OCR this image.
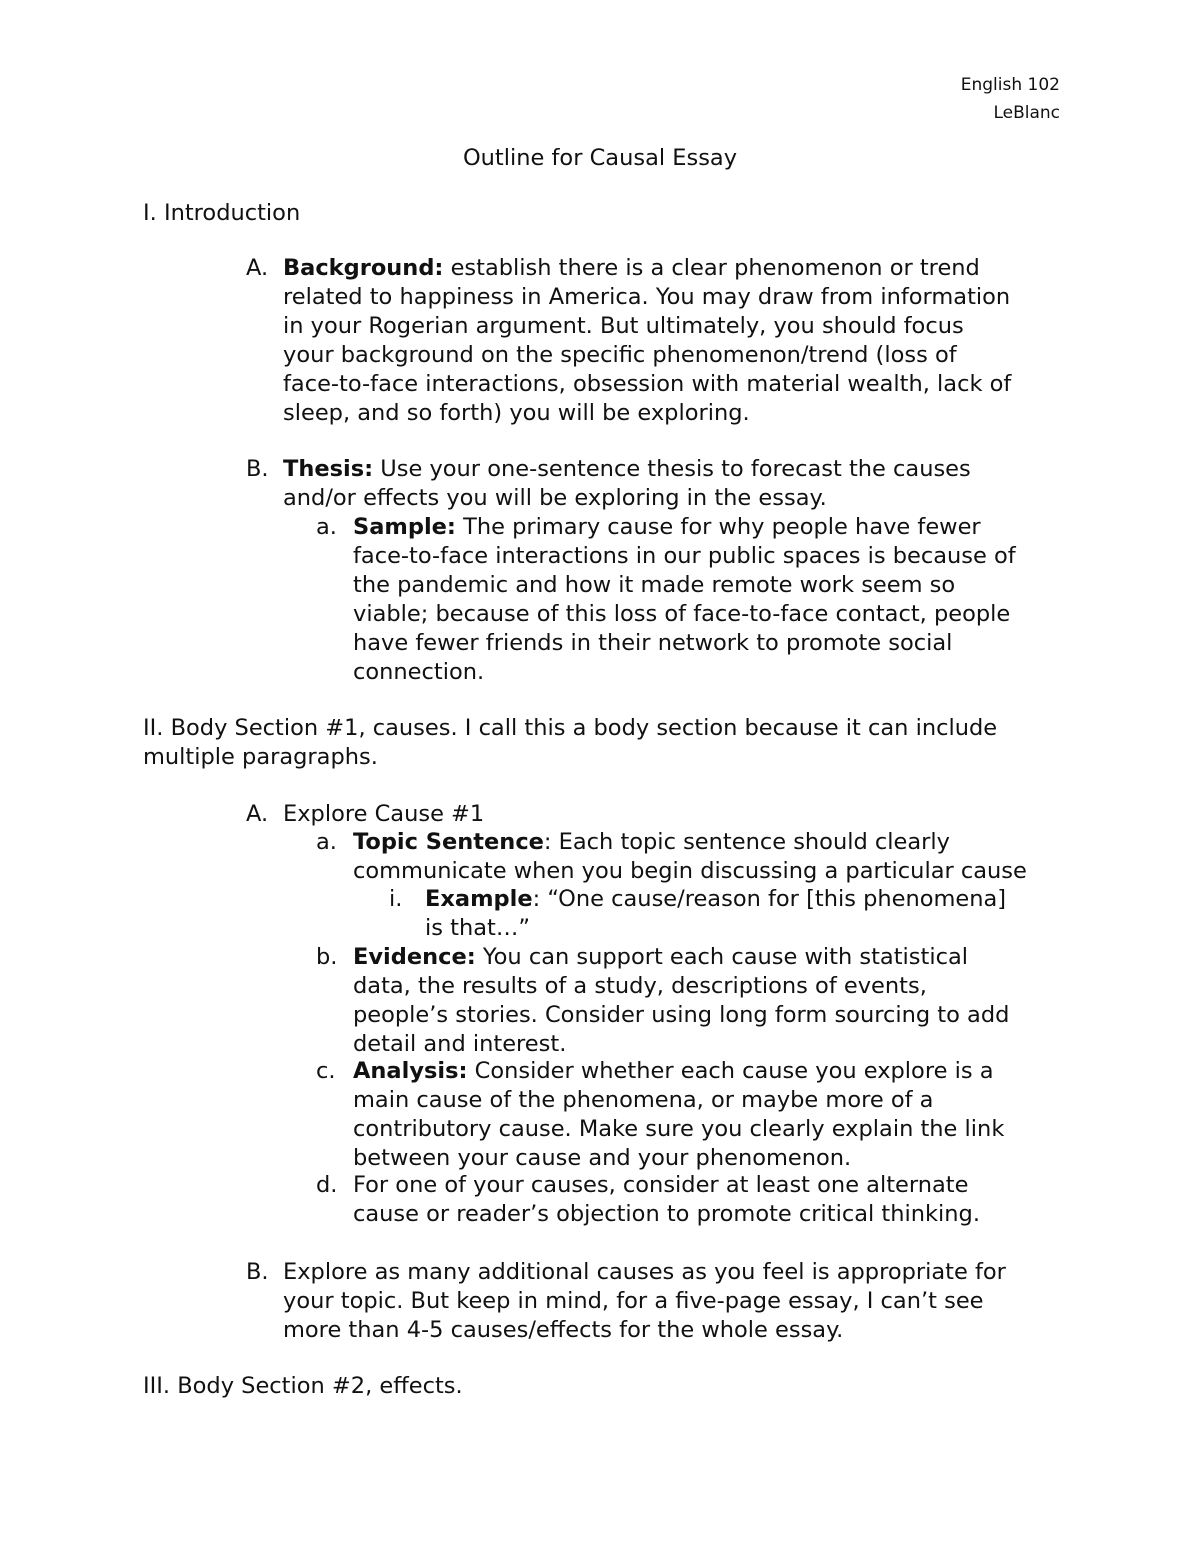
English 102
LeBlanc
Outline for Causal Essay
I. Introduction
A. Background: establish there is a clear phenomenon or trend
related to happiness in America. You may draw from information
in your Rogerian argument. But ultimately, you should focus
your background on the specific phenomenon/trend (loss of
face-to-face interactions, obsession with material wealth, lack of
sleep, and so forth) you will be exploring.
B. Thesis: Use your one-sentence thesis to forecast the causes
and/or effects you will be exploring in the essay.
a. Sample: The primary cause for why people have fewer
face-to-face interactions in our public spaces is because of
the pandemic and how it made remote work seem so
viable; because of this loss of face-to-face contact, people
have fewer friends in their network to promote social
connection.
II. Body Section #1, causes. I call this a body section because it can include
multiple paragraphs.
A. Explore Cause #1
a. Topic Sentence: Each topic sentence should clearly
communicate when you begin discussing a particular cause
i. Example: “One cause/reason for [this phenomena]
is that…”
b. Evidence: You can support each cause with statistical
data, the results of a study, descriptions of events,
people’s stories. Consider using long form sourcing to add
detail and interest.
c. Analysis: Consider whether each cause you explore is a
main cause of the phenomena, or maybe more of a
contributory cause. Make sure you clearly explain the link
between your cause and your phenomenon.
d. For one of your causes, consider at least one alternate
cause or reader’s objection to promote critical thinking.
B. Explore as many additional causes as you feel is appropriate for
your topic. But keep in mind, for a five-page essay, I can’t see
more than 4-5 causes/effects for the whole essay.
III. Body Section #2, effects.
